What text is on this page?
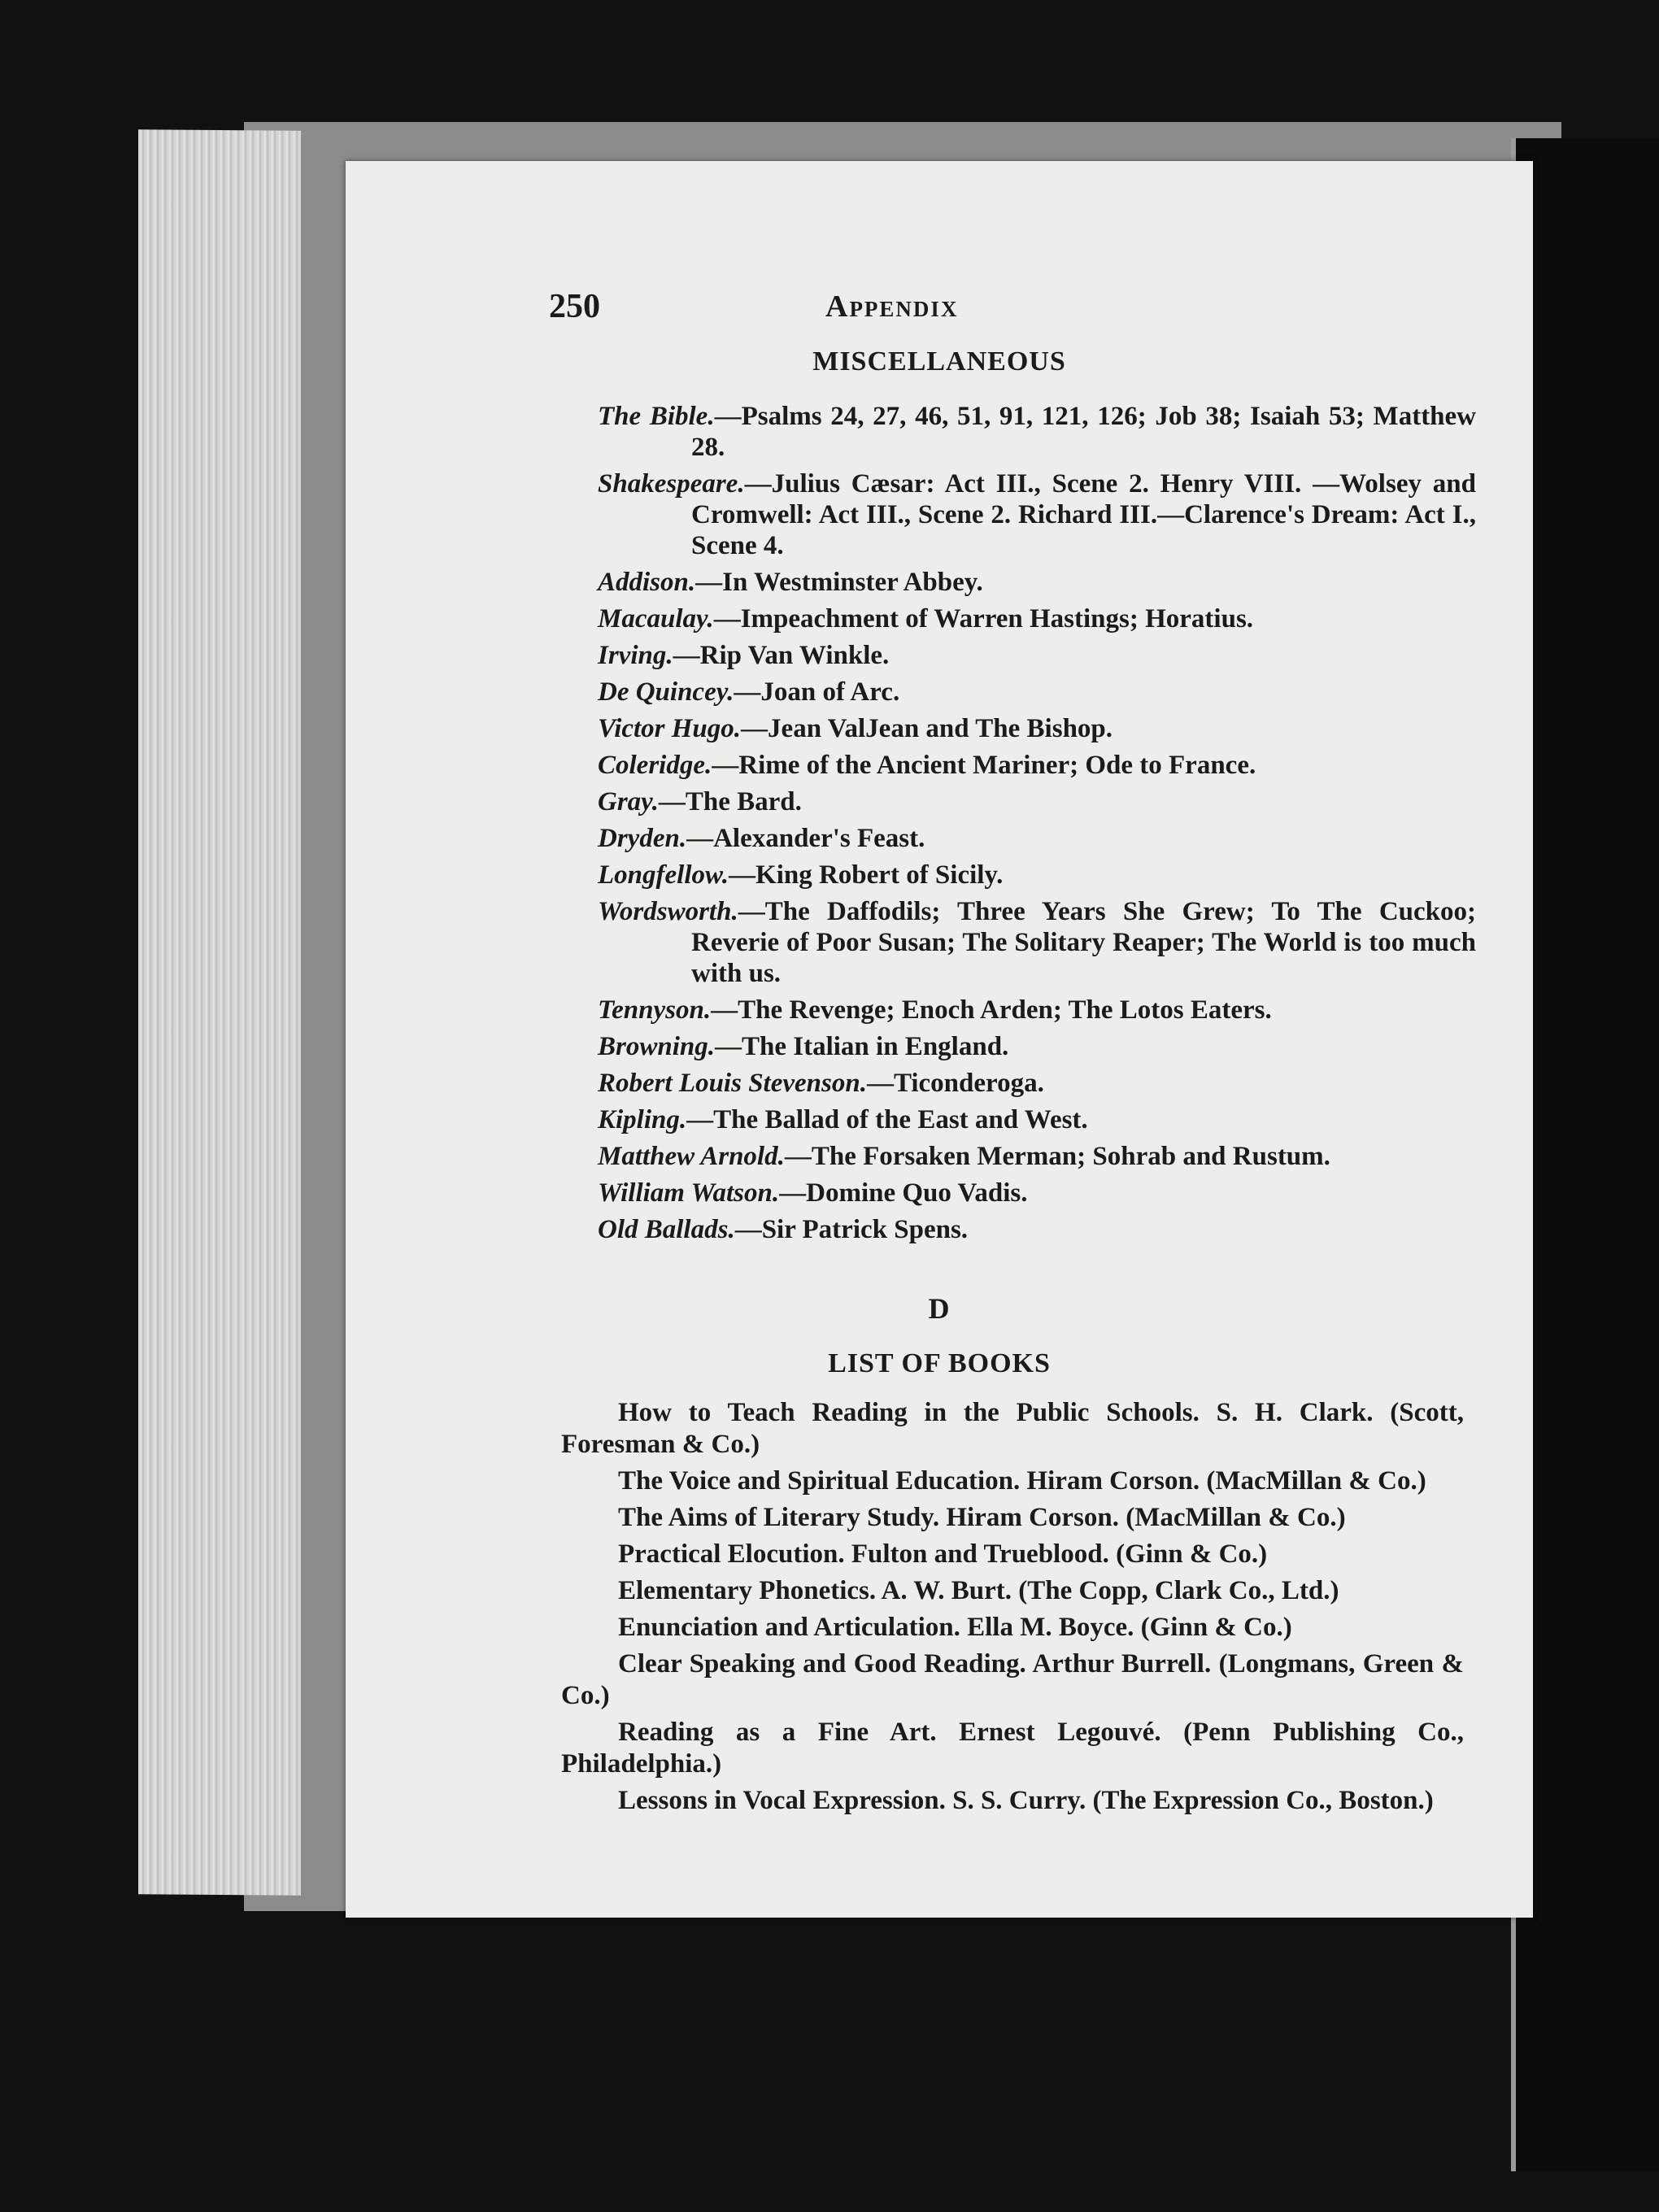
250	Appendix
MISCELLANEOUS
The Bible.—Psalms 24, 27, 46, 51, 91, 121, 126; Job 38; Isaiah 53; Matthew 28.
Shakespeare.—Julius Cæsar: Act III., Scene 2. Henry VIII. —Wolsey and Cromwell: Act III., Scene 2. Richard III.—Clarence's Dream: Act I., Scene 4.
Addison.—In Westminster Abbey.
Macaulay.—Impeachment of Warren Hastings; Horatius.
Irving.—Rip Van Winkle.
De Quincey.—Joan of Arc.
Victor Hugo.—Jean ValJean and The Bishop.
Coleridge.—Rime of the Ancient Mariner; Ode to France.
Gray.—The Bard.
Dryden.—Alexander's Feast.
Longfellow.—King Robert of Sicily.
Wordsworth.—The Daffodils; Three Years She Grew; To The Cuckoo; Reverie of Poor Susan; The Solitary Reaper; The World is too much with us.
Tennyson.—The Revenge; Enoch Arden; The Lotos Eaters.
Browning.—The Italian in England.
Robert Louis Stevenson.—Ticonderoga.
Kipling.—The Ballad of the East and West.
Matthew Arnold.—The Forsaken Merman; Sohrab and Rustum.
William Watson.—Domine Quo Vadis.
Old Ballads.—Sir Patrick Spens.
D
LIST OF BOOKS
How to Teach Reading in the Public Schools. S. H. Clark. (Scott, Foresman & Co.)
The Voice and Spiritual Education. Hiram Corson. (MacMillan & Co.)
The Aims of Literary Study. Hiram Corson. (MacMillan & Co.)
Practical Elocution. Fulton and Trueblood. (Ginn & Co.)
Elementary Phonetics. A. W. Burt. (The Copp, Clark Co., Ltd.)
Enunciation and Articulation. Ella M. Boyce. (Ginn & Co.)
Clear Speaking and Good Reading. Arthur Burrell. (Longmans, Green & Co.)
Reading as a Fine Art. Ernest Legouvé. (Penn Publishing Co., Philadelphia.)
Lessons in Vocal Expression. S. S. Curry. (The Expression Co., Boston.)
